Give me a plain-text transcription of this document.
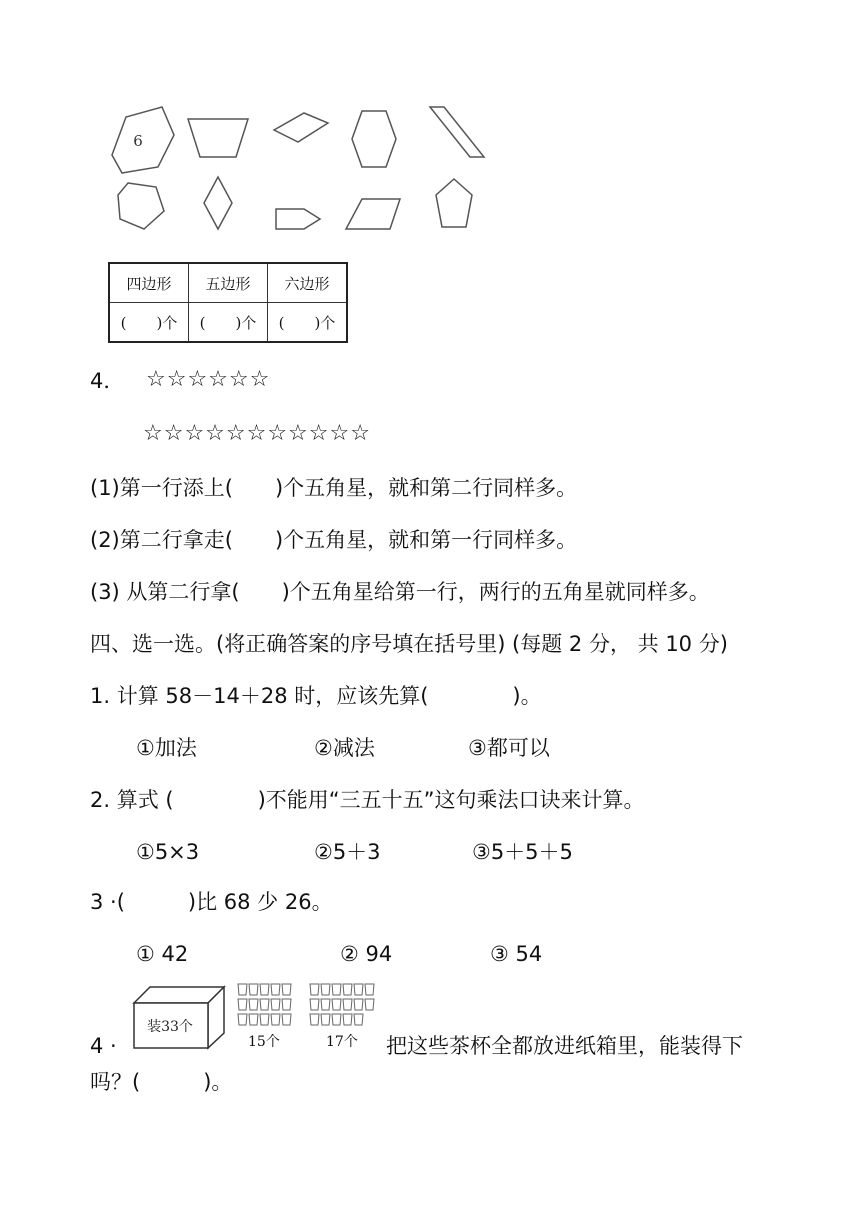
6
四边形	五边形	六边形
(　　)个	(　　)个	(　　)个
4． ☆☆☆☆☆☆
☆☆☆☆☆☆☆☆☆☆☆
(1)第一行添上(　　)个五角星，就和第二行同样多。
(2)第二行拿走(　　)个五角星，就和第一行同样多。
(3) 从第二行拿(　　)个五角星给第一行，两行的五角星就同样多。
四、选一选。(将正确答案的序号填在括号里) (每题 2 分， 共 10 分)
1. 计算 58－14＋28 时，应该先算(　　　　)。
①加法	②减法	③都可以
2. 算式 (　　　　)不能用“三五十五”这句乘法口诀来计算。
①5×3	②5＋3	③5＋5＋5
3 ·(　　　)比 68 少 26。
① 42	② 94	③ 54
4 ·
装33个
15个	17个 把这些茶杯全都放进纸箱里，能装得下
吗？(　　　)。
